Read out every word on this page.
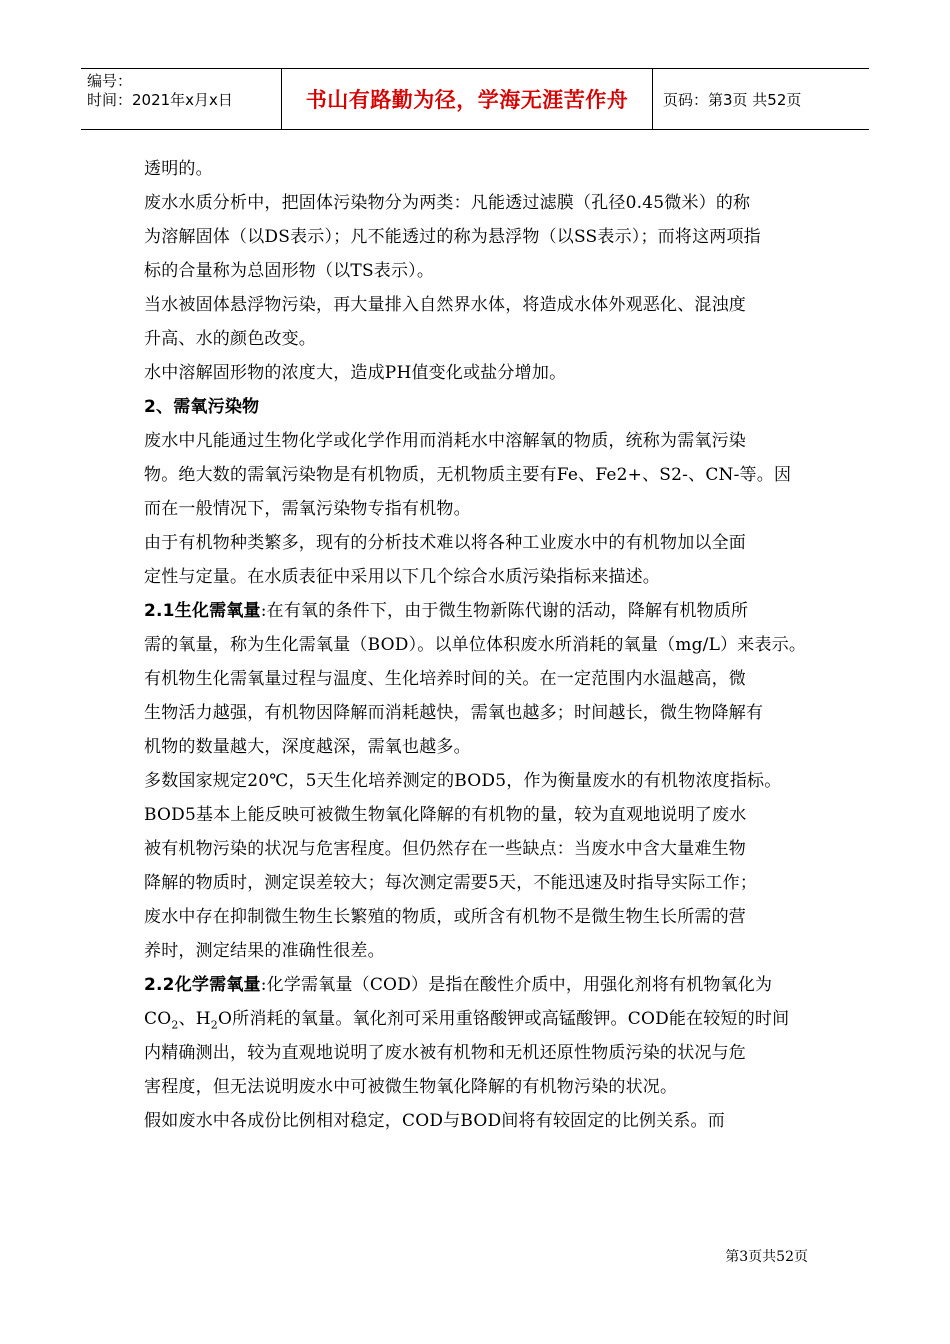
编号：
时间：2021年x月x日	书山有路勤为径，学海无涯苦作舟	页码：第3页 共52页
透明的。
废水水质分析中，把固体污染物分为两类：凡能透过滤膜（孔径0.45微米）的称
为溶解固体（以DS表示）；凡不能透过的称为悬浮物（以SS表示）；而将这两项指
标的合量称为总固形物（以TS表示）。
当水被固体悬浮物污染，再大量排入自然界水体，将造成水体外观恶化、混浊度
升高、水的颜色改变。
水中溶解固形物的浓度大，造成PH值变化或盐分增加。
2、需氧污染物
废水中凡能通过生物化学或化学作用而消耗水中溶解氧的物质，统称为需氧污染
物。绝大数的需氧污染物是有机物质，无机物质主要有Fe、Fe2+、S2-、CN-等。因
而在一般情况下，需氧污染物专指有机物。
由于有机物种类繁多，现有的分析技术难以将各种工业废水中的有机物加以全面
定性与定量。在水质表征中采用以下几个综合水质污染指标来描述。
2.1生化需氧量:在有氧的条件下，由于微生物新陈代谢的活动，降解有机物质所
需的氧量，称为生化需氧量（BOD）。以单位体积废水所消耗的氧量（mg/L）来表示。
有机物生化需氧量过程与温度、生化培养时间的关。在一定范围内水温越高，微
生物活力越强，有机物因降解而消耗越快，需氧也越多；时间越长，微生物降解有
机物的数量越大，深度越深，需氧也越多。
多数国家规定20℃，5天生化培养测定的BOD5，作为衡量废水的有机物浓度指标。
BOD5基本上能反映可被微生物氧化降解的有机物的量，较为直观地说明了废水
被有机物污染的状况与危害程度。但仍然存在一些缺点：当废水中含大量难生物
降解的物质时，测定误差较大；每次测定需要5天，不能迅速及时指导实际工作；
废水中存在抑制微生物生长繁殖的物质，或所含有机物不是微生物生长所需的营
养时，测定结果的准确性很差。
2.2化学需氧量:化学需氧量（COD）是指在酸性介质中，用强化剂将有机物氧化为
$CO_2$、$H_2O$所消耗的氧量。氧化剂可采用重铬酸钾或高锰酸钾。COD能在较短的时间
内精确测出，较为直观地说明了废水被有机物和无机还原性物质污染的状况与危
害程度，但无法说明废水中可被微生物氧化降解的有机物污染的状况。
假如废水中各成份比例相对稳定，COD与BOD间将有较固定的比例关系。而
第3页共52页
